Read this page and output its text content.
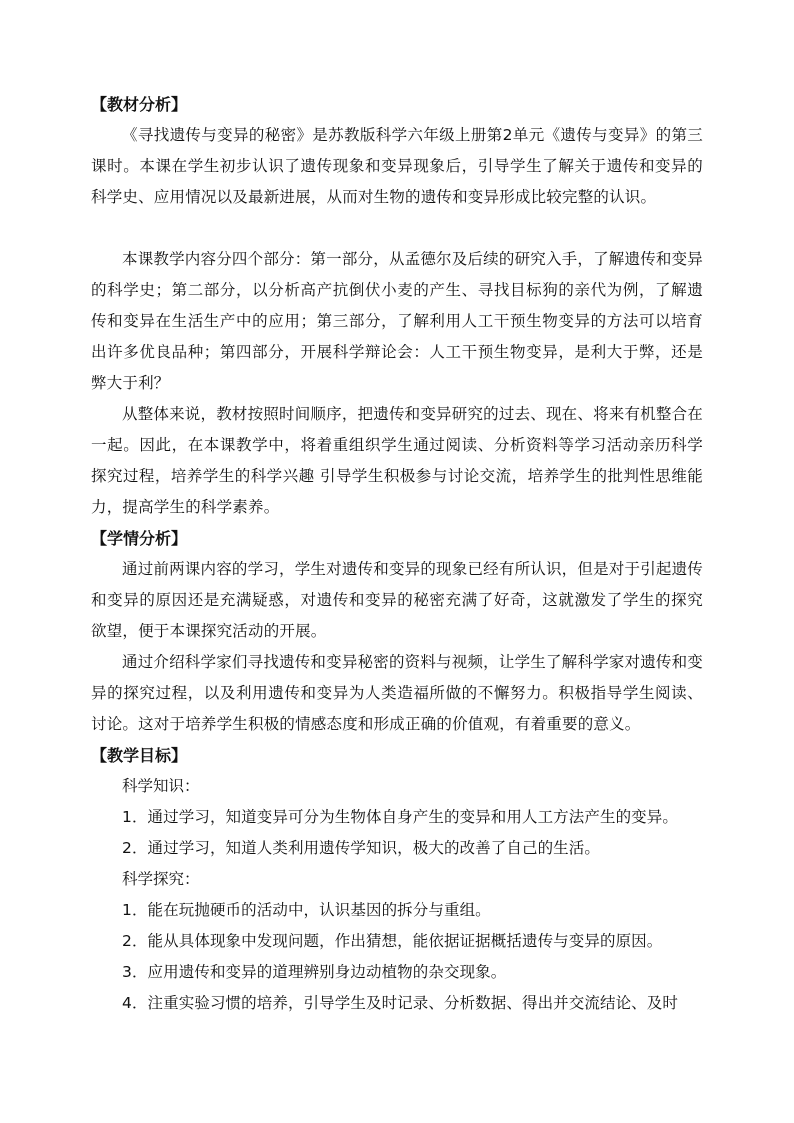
【教材分析】

《寻找遗传与变异的秘密》是苏教版科学六年级上册第2单元《遗传与变异》的第三课时。本课在学生初步认识了遗传现象和变异现象后，引导学生了解关于遗传和变异的科学史、应用情况以及最新进展，从而对生物的遗传和变异形成比较完整的认识。

本课教学内容分四个部分：第一部分，从孟德尔及后续的研究入手，了解遗传和变异的科学史；第二部分，以分析高产抗倒伏小麦的产生、寻找目标狗的亲代为例，了解遗传和变异在生活生产中的应用；第三部分，了解利用人工干预生物变异的方法可以培育出许多优良品种；第四部分，开展科学辩论会：人工干预生物变异，是利大于弊，还是弊大于利？

从整体来说，教材按照时间顺序，把遗传和变异研究的过去、现在、将来有机整合在一起。因此，在本课教学中，将着重组织学生通过阅读、分析资料等学习活动亲历科学探究过程，培养学生的科学兴趣 引导学生积极参与讨论交流，培养学生的批判性思维能力，提高学生的科学素养。

【学情分析】

通过前两课内容的学习，学生对遗传和变异的现象已经有所认识，但是对于引起遗传和变异的原因还是充满疑惑，对遗传和变异的秘密充满了好奇，这就激发了学生的探究欲望，便于本课探究活动的开展。

通过介绍科学家们寻找遗传和变异秘密的资料与视频，让学生了解科学家对遗传和变异的探究过程，以及利用遗传和变异为人类造福所做的不懈努力。积极指导学生阅读、讨论。这对于培养学生积极的情感态度和形成正确的价值观，有着重要的意义。

【教学目标】

科学知识：

1．通过学习，知道变异可分为生物体自身产生的变异和用人工方法产生的变异。

2．通过学习，知道人类利用遗传学知识，极大的改善了自己的生活。

科学探究：

1．能在玩抛硬币的活动中，认识基因的拆分与重组。

2．能从具体现象中发现问题，作出猜想，能依据证据概括遗传与变异的原因。

3．应用遗传和变异的道理辨别身边动植物的杂交现象。

4．注重实验习惯的培养，引导学生及时记录、分析数据、得出并交流结论、及时
